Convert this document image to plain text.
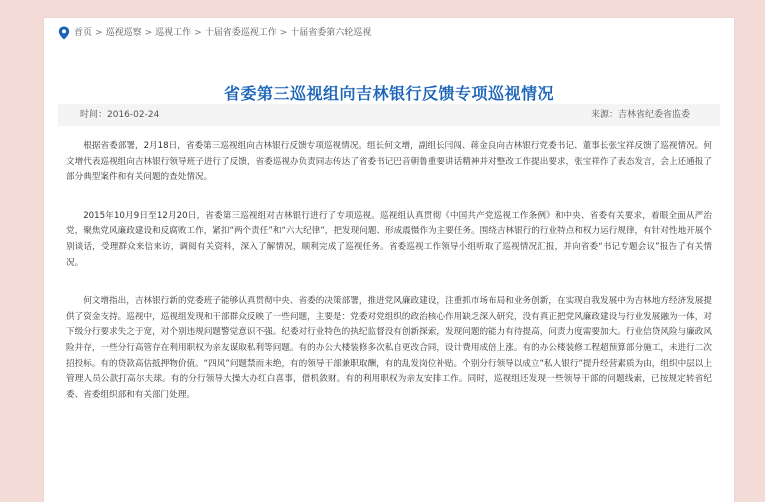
首页 > 巡视巡察 > 巡视工作 > 十届省委巡视工作 > 十届省委第六轮巡视
省委第三巡视组向吉林银行反馈专项巡视情况
时间：2016-02-24	来源：吉林省纪委省监委

根据省委部署，2月18日，省委第三巡视组向吉林银行反馈专项巡视情况。组长何文增，副组长闫闯、蒋金良向吉林银行党委书记、董事长张宝祥反馈了巡视情况。何文增代表巡视组向吉林银行领导班子进行了反馈，省委巡视办负责同志传达了省委书记巴音朝鲁重要讲话精神并对整改工作提出要求，张宝祥作了表态发言，会上还通报了部分典型案件和有关问题的查处情况。

2015年10月9日至12月20日，省委第三巡视组对吉林银行进行了专项巡视。巡视组认真贯彻《中国共产党巡视工作条例》和中央、省委有关要求，着眼全面从严治党，聚焦党风廉政建设和反腐败工作，紧扣“两个责任”和“六大纪律”，把发现问题、形成震慑作为主要任务。围绕吉林银行的行业特点和权力运行规律，有针对性地开展个别谈话，受理群众来信来访，调阅有关资料，深入了解情况，顺利完成了巡视任务。省委巡视工作领导小组听取了巡视情况汇报，并向省委“书记专题会议”报告了有关情况。

何文增指出，吉林银行新的党委班子能够认真贯彻中央、省委的决策部署，推进党风廉政建设，注重抓市场布局和业务创新，在实现自我发展中为吉林地方经济发展提供了资金支持。巡视中，巡视组发现和干部群众反映了一些问题，主要是：党委对党组织的政治核心作用缺乏深入研究，没有真正把党风廉政建设与行业发展融为一体，对下级分行要求失之于宽，对个别违规问题警觉意识不强。纪委对行业特色的执纪监督没有创新探索，发现问题的能力有待提高，问责力度需要加大。行业信贷风险与廉政风险并存，一些分行高管存在利用职权为亲友谋取私利等问题。有的办公大楼装修多次私自更改合同，设计费用成倍上涨。有的办公楼装修工程超预算部分施工，未进行二次招投标。有的贷款高估抵押物价值。“四风”问题禁而未绝，有的领导干部兼职取酬，有的乱发岗位补贴。个别分行领导以成立“私人银行”提升经营素质为由，组织中层以上管理人员公款打高尔夫球。有的分行领导大操大办红白喜事，借机敛财。有的利用职权为亲友安排工作。同时，巡视组还发现一些领导干部的问题线索，已按规定转省纪委、省委组织部和有关部门处理。
